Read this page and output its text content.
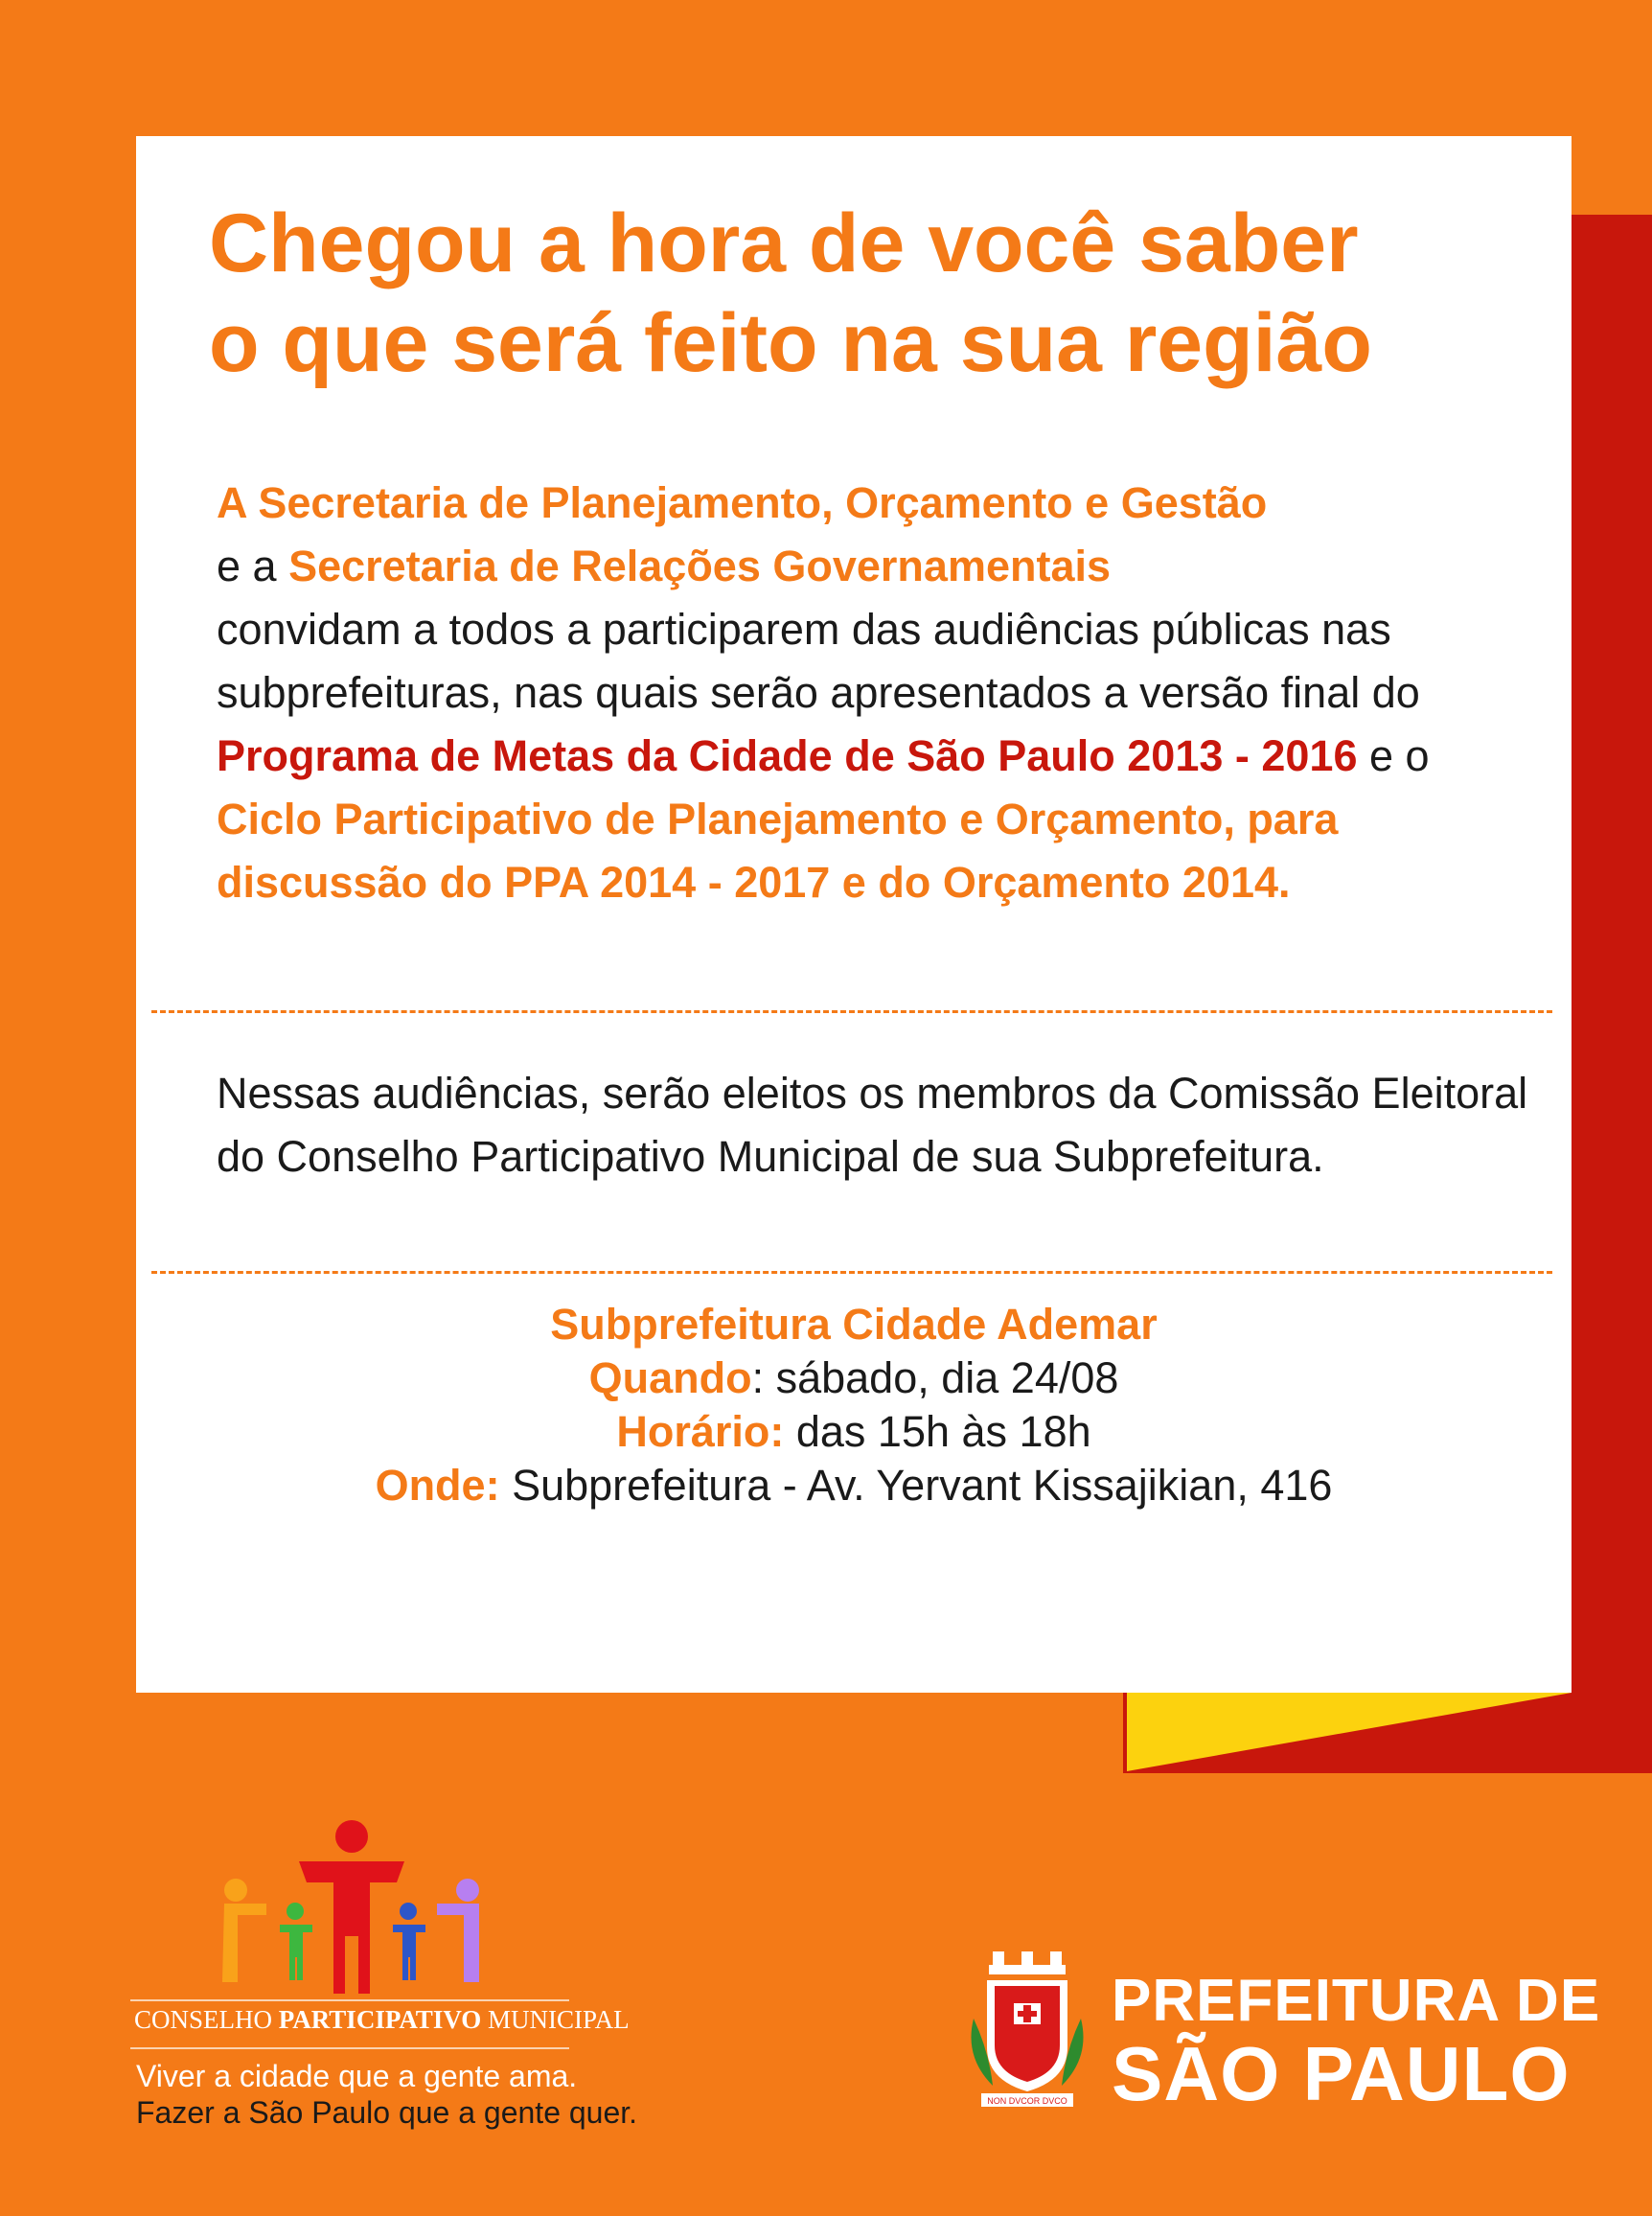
Chegou a hora de você saber
o que será feito na sua região
A Secretaria de Planejamento, Orçamento e Gestão
e a Secretaria de Relações Governamentais
convidam a todos a participarem das audiências públicas nas subprefeituras, nas quais serão apresentados a versão final do Programa de Metas da Cidade de São Paulo 2013 - 2016 e o Ciclo Participativo de Planejamento e Orçamento, para discussão do PPA 2014 - 2017 e do Orçamento 2014.
Nessas audiências, serão eleitos os membros da Comissão Eleitoral do Conselho Participativo Municipal de sua Subprefeitura.
Subprefeitura Cidade Ademar
Quando: sábado, dia 24/08
Horário: das 15h às 18h
Onde: Subprefeitura - Av. Yervant Kissajikian, 416
CONSELHO PARTICIPATIVO MUNICIPAL
Viver a cidade que a gente ama.
Fazer a São Paulo que a gente quer.	NON DVCOR DVCO
PREFEITURA DE
SÃO PAULO
